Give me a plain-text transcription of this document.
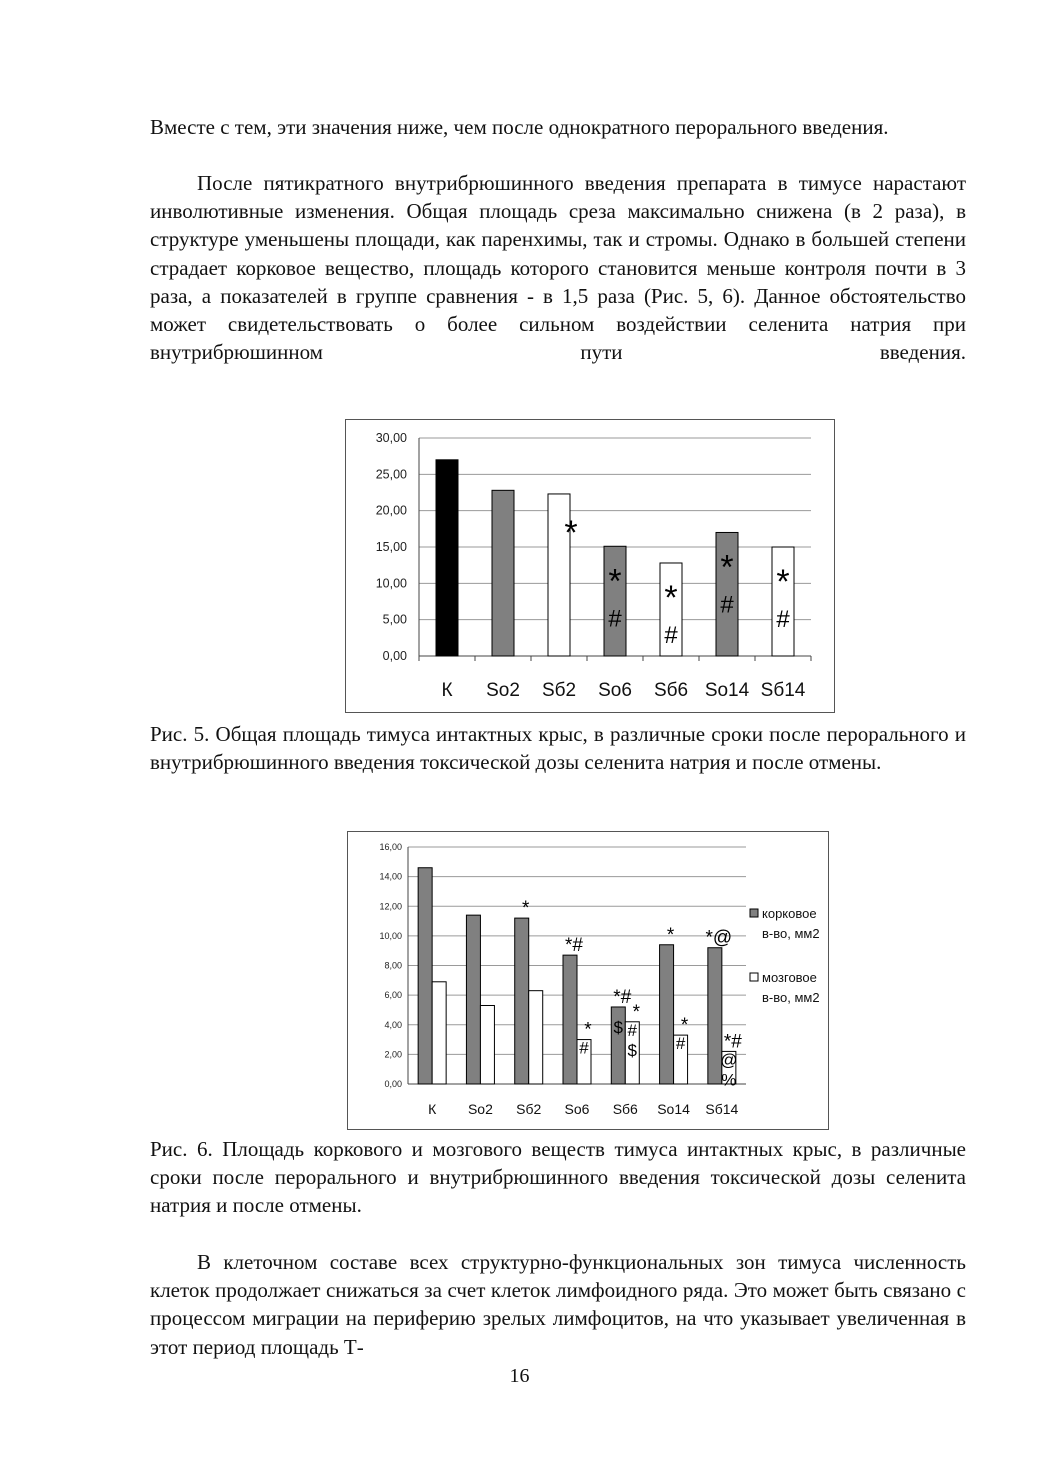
Вместе с тем, эти значения ниже, чем после однократного перорального введения.

После пятикратного внутрибрюшинного введения препарата в тимусе нарастают инволютивные изменения. Общая площадь среза максимально снижена (в 2 раза), в структуре уменьшены площади, как паренхимы, так и стромы. Однако в большей степени страдает корковое вещество, площадь которого становится меньше контроля почти в 3 раза, а показателей в группе сравнения - в 1,5 раза (Рис. 5, 6). Данное обстоятельство может свидетельствовать о более сильном воздействии селенита натрия при внутрибрюшинном пути введения.

0,00
5,00
10,00
15,00
20,00
25,00
30,00
К So2 Sб2
*
So6
*
#
Sб6
*
#
So14
*
#
Sб14
*
#

Рис. 5. Общая площадь тимуса интактных крыс, в различные сроки после перорального и внутрибрюшинного введения токсической дозы селенита натрия и после отмены.

0,00
2,00
4,00
6,00
8,00
10,00
12,00
14,00
16,00
К So2 Sб2
*
So6
*#
*
#
Sб6
*#
$
*
#
$
So14
*
*
#
Sб14
*@
*#
@
%
корковое в-во, мм2
мозговое в-во, мм2

Рис. 6. Площадь коркового и мозгового веществ тимуса интактных крыс, в различные сроки после перорального и внутрибрюшинного введения токсической дозы селенита натрия и после отмены.

В клеточном составе всех структурно-функциональных зон тимуса численность клеток продолжает снижаться за счет клеток лимфоидного ряда. Это может быть связано с процессом миграции на периферию зрелых лимфоцитов, на что указывает увеличенная в этот период площадь Т-

16
